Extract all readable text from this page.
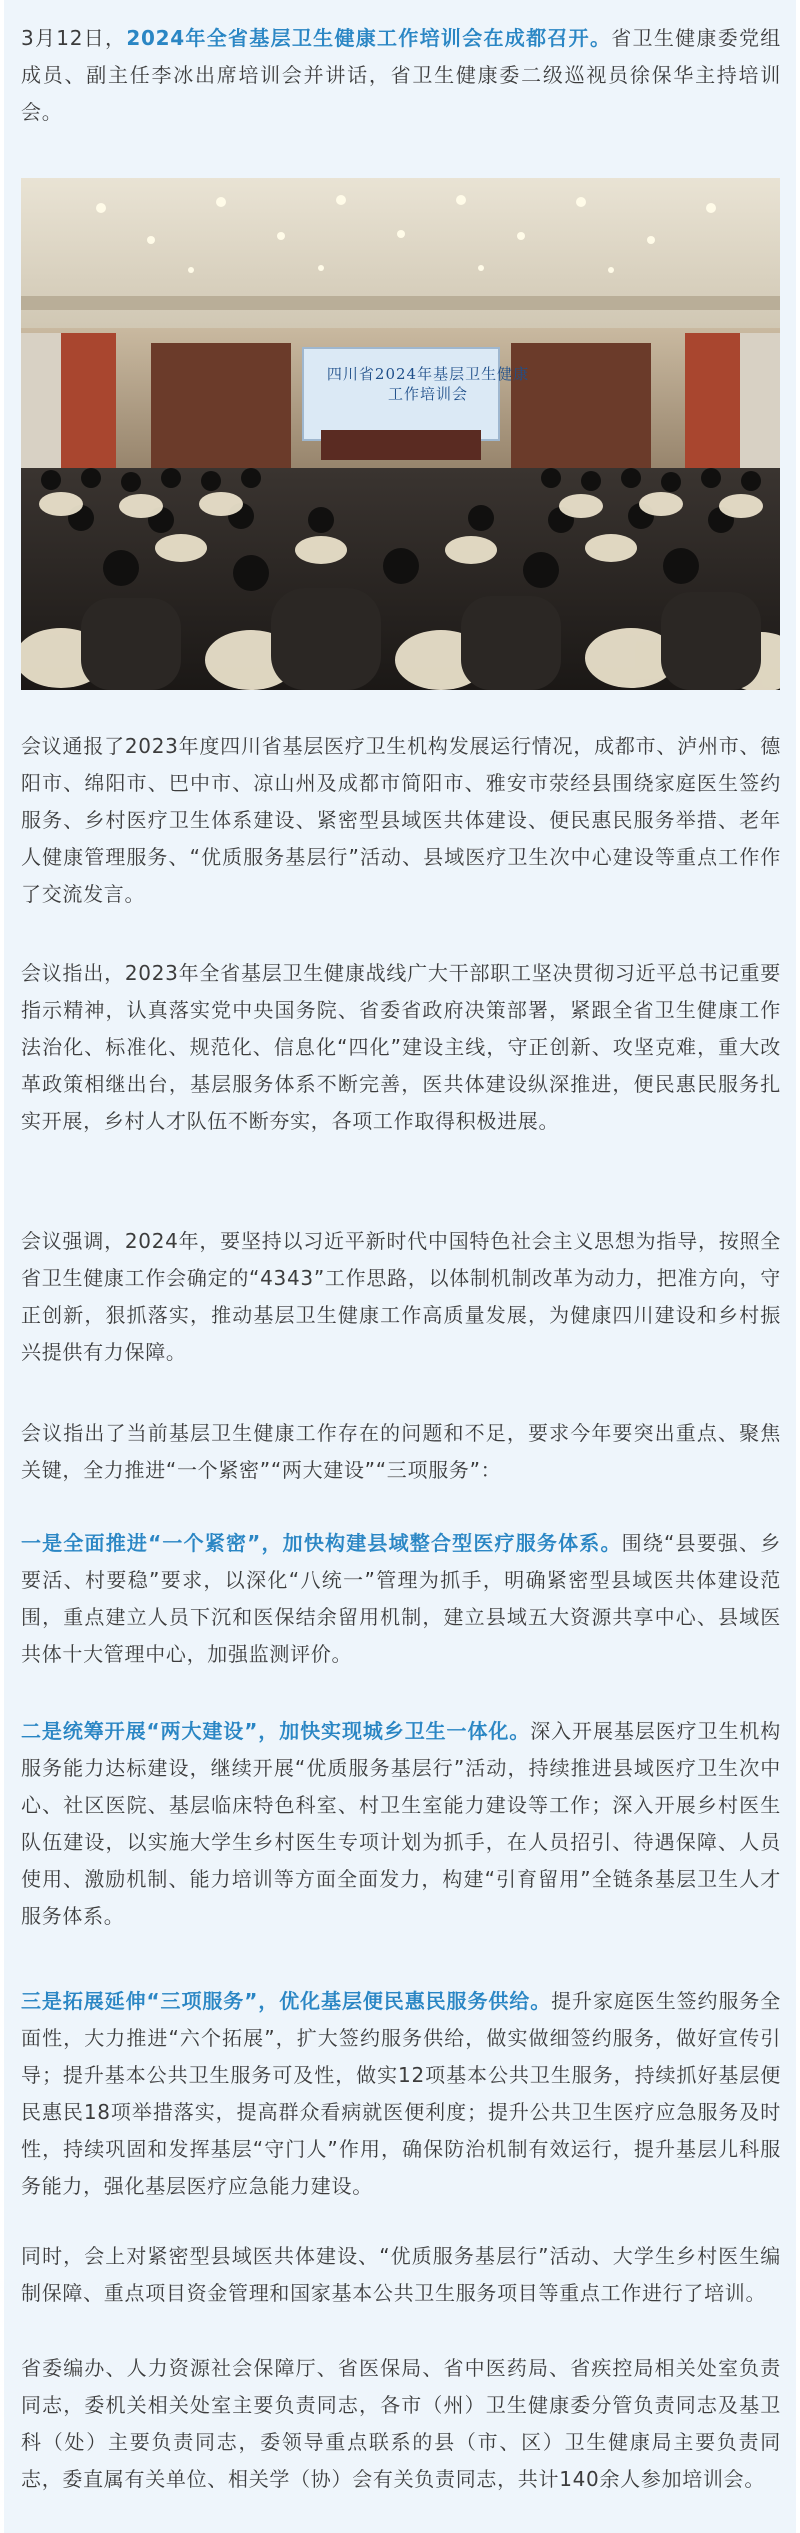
3月12日，2024年全省基层卫生健康工作培训会在成都召开。省卫生健康委党组成员、副主任李冰出席培训会并讲话，省卫生健康委二级巡视员徐保华主持培训会。

四川省2024年基层卫生健康
工作培训会

会议通报了2023年度四川省基层医疗卫生机构发展运行情况，成都市、泸州市、德阳市、绵阳市、巴中市、凉山州及成都市简阳市、雅安市荥经县围绕家庭医生签约服务、乡村医疗卫生体系建设、紧密型县域医共体建设、便民惠民服务举措、老年人健康管理服务、“优质服务基层行”活动、县域医疗卫生次中心建设等重点工作作了交流发言。

会议指出，2023年全省基层卫生健康战线广大干部职工坚决贯彻习近平总书记重要指示精神，认真落实党中央国务院、省委省政府决策部署，紧跟全省卫生健康工作法治化、标准化、规范化、信息化“四化”建设主线，守正创新、攻坚克难，重大改革政策相继出台，基层服务体系不断完善，医共体建设纵深推进，便民惠民服务扎实开展，乡村人才队伍不断夯实，各项工作取得积极进展。

会议强调，2024年，要坚持以习近平新时代中国特色社会主义思想为指导，按照全省卫生健康工作会确定的“4343”工作思路，以体制机制改革为动力，把准方向，守正创新，狠抓落实，推动基层卫生健康工作高质量发展，为健康四川建设和乡村振兴提供有力保障。

会议指出了当前基层卫生健康工作存在的问题和不足，要求今年要突出重点、聚焦关键，全力推进“一个紧密”“两大建设”“三项服务”：

一是全面推进“一个紧密”，加快构建县域整合型医疗服务体系。围绕“县要强、乡要活、村要稳”要求，以深化“八统一”管理为抓手，明确紧密型县域医共体建设范围，重点建立人员下沉和医保结余留用机制，建立县域五大资源共享中心、县域医共体十大管理中心，加强监测评价。

二是统筹开展“两大建设”，加快实现城乡卫生一体化。深入开展基层医疗卫生机构服务能力达标建设，继续开展“优质服务基层行”活动，持续推进县域医疗卫生次中心、社区医院、基层临床特色科室、村卫生室能力建设等工作；深入开展乡村医生队伍建设，以实施大学生乡村医生专项计划为抓手，在人员招引、待遇保障、人员使用、激励机制、能力培训等方面全面发力，构建“引育留用”全链条基层卫生人才服务体系。

三是拓展延伸“三项服务”，优化基层便民惠民服务供给。提升家庭医生签约服务全面性，大力推进“六个拓展”，扩大签约服务供给，做实做细签约服务，做好宣传引导；提升基本公共卫生服务可及性，做实12项基本公共卫生服务，持续抓好基层便民惠民18项举措落实，提高群众看病就医便利度；提升公共卫生医疗应急服务及时性，持续巩固和发挥基层“守门人”作用，确保防治机制有效运行，提升基层儿科服务能力，强化基层医疗应急能力建设。

同时，会上对紧密型县域医共体建设、“优质服务基层行”活动、大学生乡村医生编制保障、重点项目资金管理和国家基本公共卫生服务项目等重点工作进行了培训。

省委编办、人力资源社会保障厅、省医保局、省中医药局、省疾控局相关处室负责同志，委机关相关处室主要负责同志，各市（州）卫生健康委分管负责同志及基卫科（处）主要负责同志，委领导重点联系的县（市、区）卫生健康局主要负责同志，委直属有关单位、相关学（协）会有关负责同志，共计140余人参加培训会。
